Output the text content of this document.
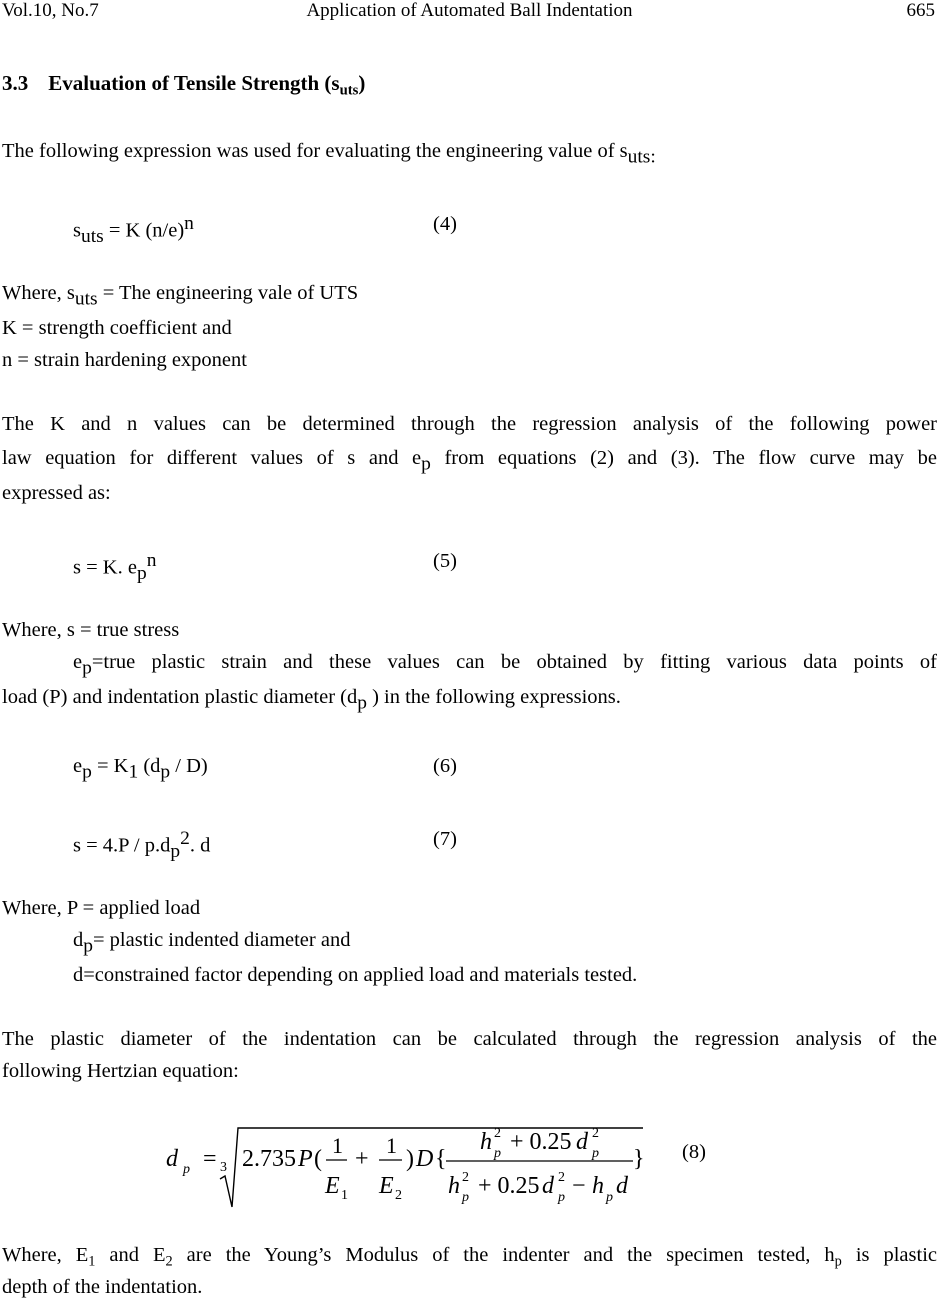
Vol.10, No.7	Application of Automated Ball Indentation	665
3.3 Evaluation of Tensile Strength $(s_{uts})$
The following expression was used for evaluating the engineering value of suts:
suts = K (n/e)n	(4)
Where, suts = The engineering vale of UTS
K = strength coefficient and
n = strain hardening exponent
The K and n values can be determined through the regression analysis of the following power
law equation for different values of s and ep from equations (2) and (3). The flow curve may be
expressed as:
s = K. epn	(5)
Where, s = true stress
ep=true plastic strain and these values can be obtained by fitting various data points of
load (P) and indentation plastic diameter (dp ) in the following expressions.
ep = K1 (dp / D)	(6)
s = 4.P / p.dp2. d	(7)
Where, P = applied load
dp= plastic indented diameter and
d=constrained factor depending on applied load and materials tested.
The plastic diameter of the indentation can be calculated through the regression analysis of the
following Hertzian equation:
d p = 3 2.735 P (
1
E 1
+
1
E 2
) D {
h 2
p + 0.25 d 2
p
h 2
p + 0.25 d 2
p − h p d
} (8)
Where, $E_1$ and $E_2$ are the Young’s Modulus of the indenter and the specimen tested, $h_p$ is plastic
depth of the indentation.
